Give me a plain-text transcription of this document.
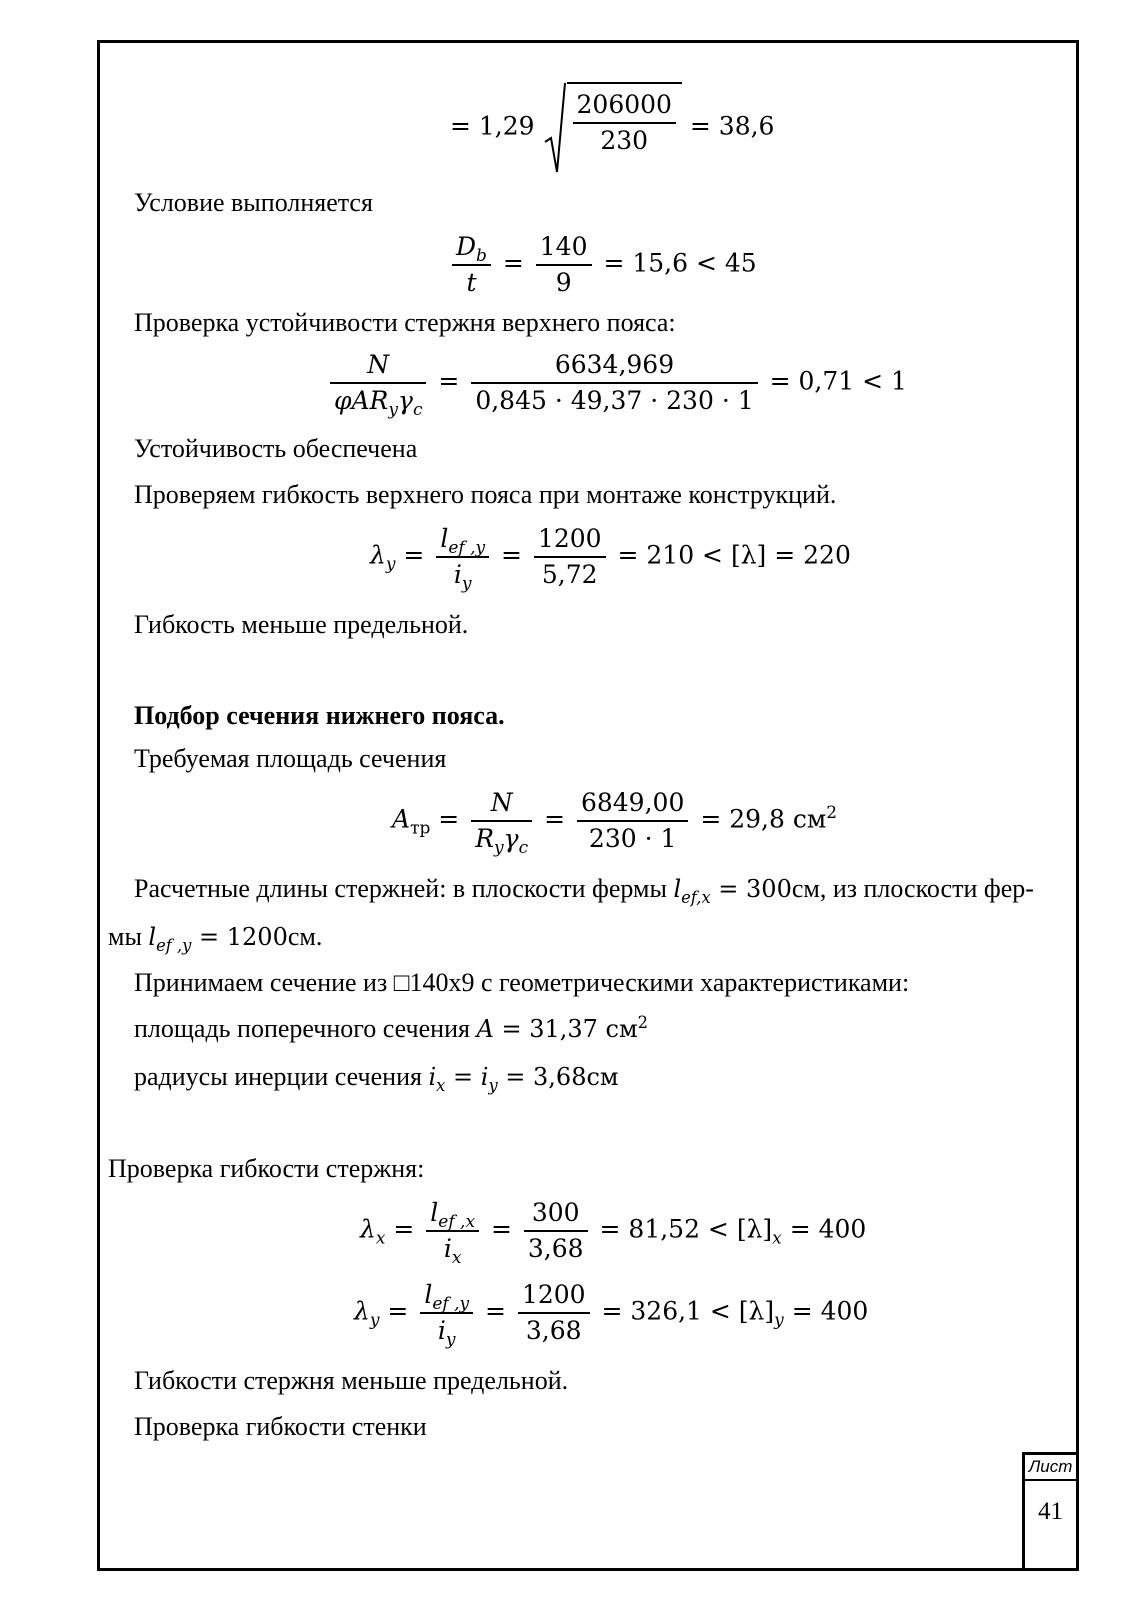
= $1,29 \frac{206000}{230} = 38,6$
Условие выполняется
$\frac{D_b}{t} = \frac{140}{9} = 15,6 < 45$
Проверка устойчивости стержня верхнего пояса:
$\frac{N}{\varphi AR_y\gamma_c} = \frac{6634,969}{0,845 \cdot 49,37 \cdot 230 \cdot 1} = 0,71 < 1$
Устойчивость обеспечена
Проверяем гибкость верхнего пояса при монтаже конструкций.
$\lambda_y = \frac{l_{ef ,y}}{i_y} = \frac{1200}{5,72} = 210 < [\lambda] = 220$
Гибкость меньше предельной.
Подбор сечения нижнего пояса.
Требуемая площадь сечения
$A_{тр} = \frac{N}{R_y\gamma_c} = \frac{6849,00}{230 \cdot 1} = 29,8$ $см^2$
Расчетные длины стержней: в плоскости фермы $l_{ef,x} = 300см$, из плоскости фер-
мы $l_{ef ,y} = 1200см$.
Принимаем сечение из □140х9 с геометрическими характеристиками:
площадь поперечного сечения A = 31,37 $см^2$
радиусы инерции сечения $i_x = i_y = 3,68см$
Проверка гибкости стержня:
$\lambda_x = \frac{l_{ef ,x}}{i_x} = \frac{300}{3,68} = 81,52 < [\lambda]_x = 400$
$\lambda_y = \frac{l_{ef ,y}}{i_y} = \frac{1200}{3,68} = 326,1 < [\lambda]_y = 400$
Гибкости стержня меньше предельной.
Проверка гибкости стенки
Лист
41
